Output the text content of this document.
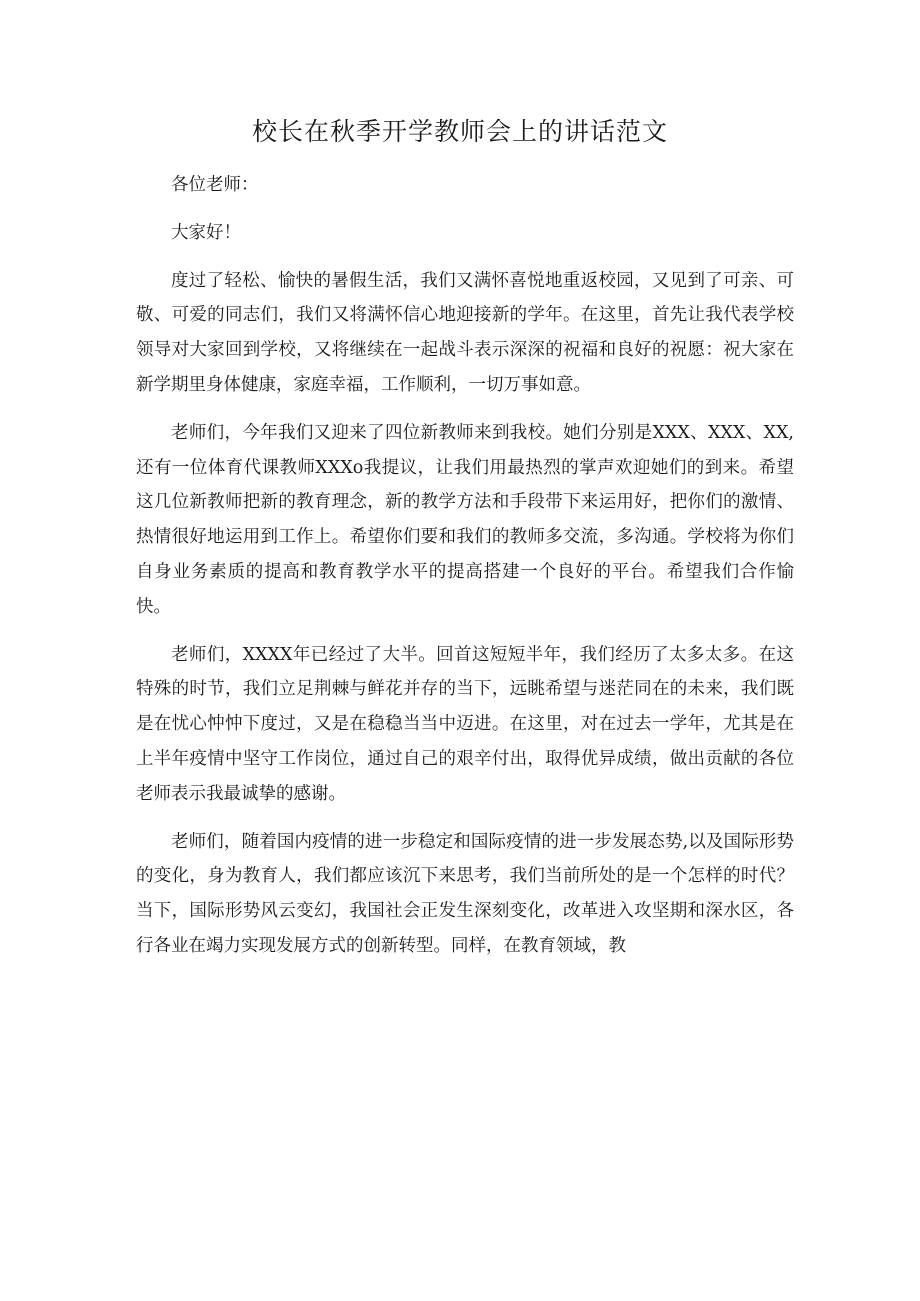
校长在秋季开学教师会上的讲话范文

各位老师：

大家好！

度过了轻松、愉快的暑假生活，我们又满怀喜悦地重返校园，又见到了可亲、可敬、可爱的同志们，我们又将满怀信心地迎接新的学年。在这里，首先让我代表学校领导对大家回到学校，又将继续在一起战斗表示深深的祝福和良好的祝愿：祝大家在新学期里身体健康，家庭幸福，工作顺利，一切万事如意。

老师们，今年我们又迎来了四位新教师来到我校。她们分别是XXX、XXX、XX,还有一位体育代课教师XXXo我提议，让我们用最热烈的掌声欢迎她们的到来。希望这几位新教师把新的教育理念，新的教学方法和手段带下来运用好，把你们的激情、热情很好地运用到工作上。希望你们要和我们的教师多交流，多沟通。学校将为你们自身业务素质的提高和教育教学水平的提高搭建一个良好的平台。希望我们合作愉快。

老师们，XXXX年已经过了大半。回首这短短半年，我们经历了太多太多。在这特殊的时节，我们立足荆棘与鲜花并存的当下，远眺希望与迷茫同在的未来，我们既是在忧心忡忡下度过，又是在稳稳当当中迈进。在这里，对在过去一学年，尤其是在上半年疫情中坚守工作岗位，通过自己的艰辛付出，取得优异成绩，做出贡献的各位老师表示我最诚挚的感谢。

老师们，随着国内疫情的进一步稳定和国际疫情的进一步发展态势,以及国际形势的变化，身为教育人，我们都应该沉下来思考，我们当前所处的是一个怎样的时代？当下，国际形势风云变幻，我国社会正发生深刻变化，改革进入攻坚期和深水区，各行各业在竭力实现发展方式的创新转型。同样，在教育领域，教
